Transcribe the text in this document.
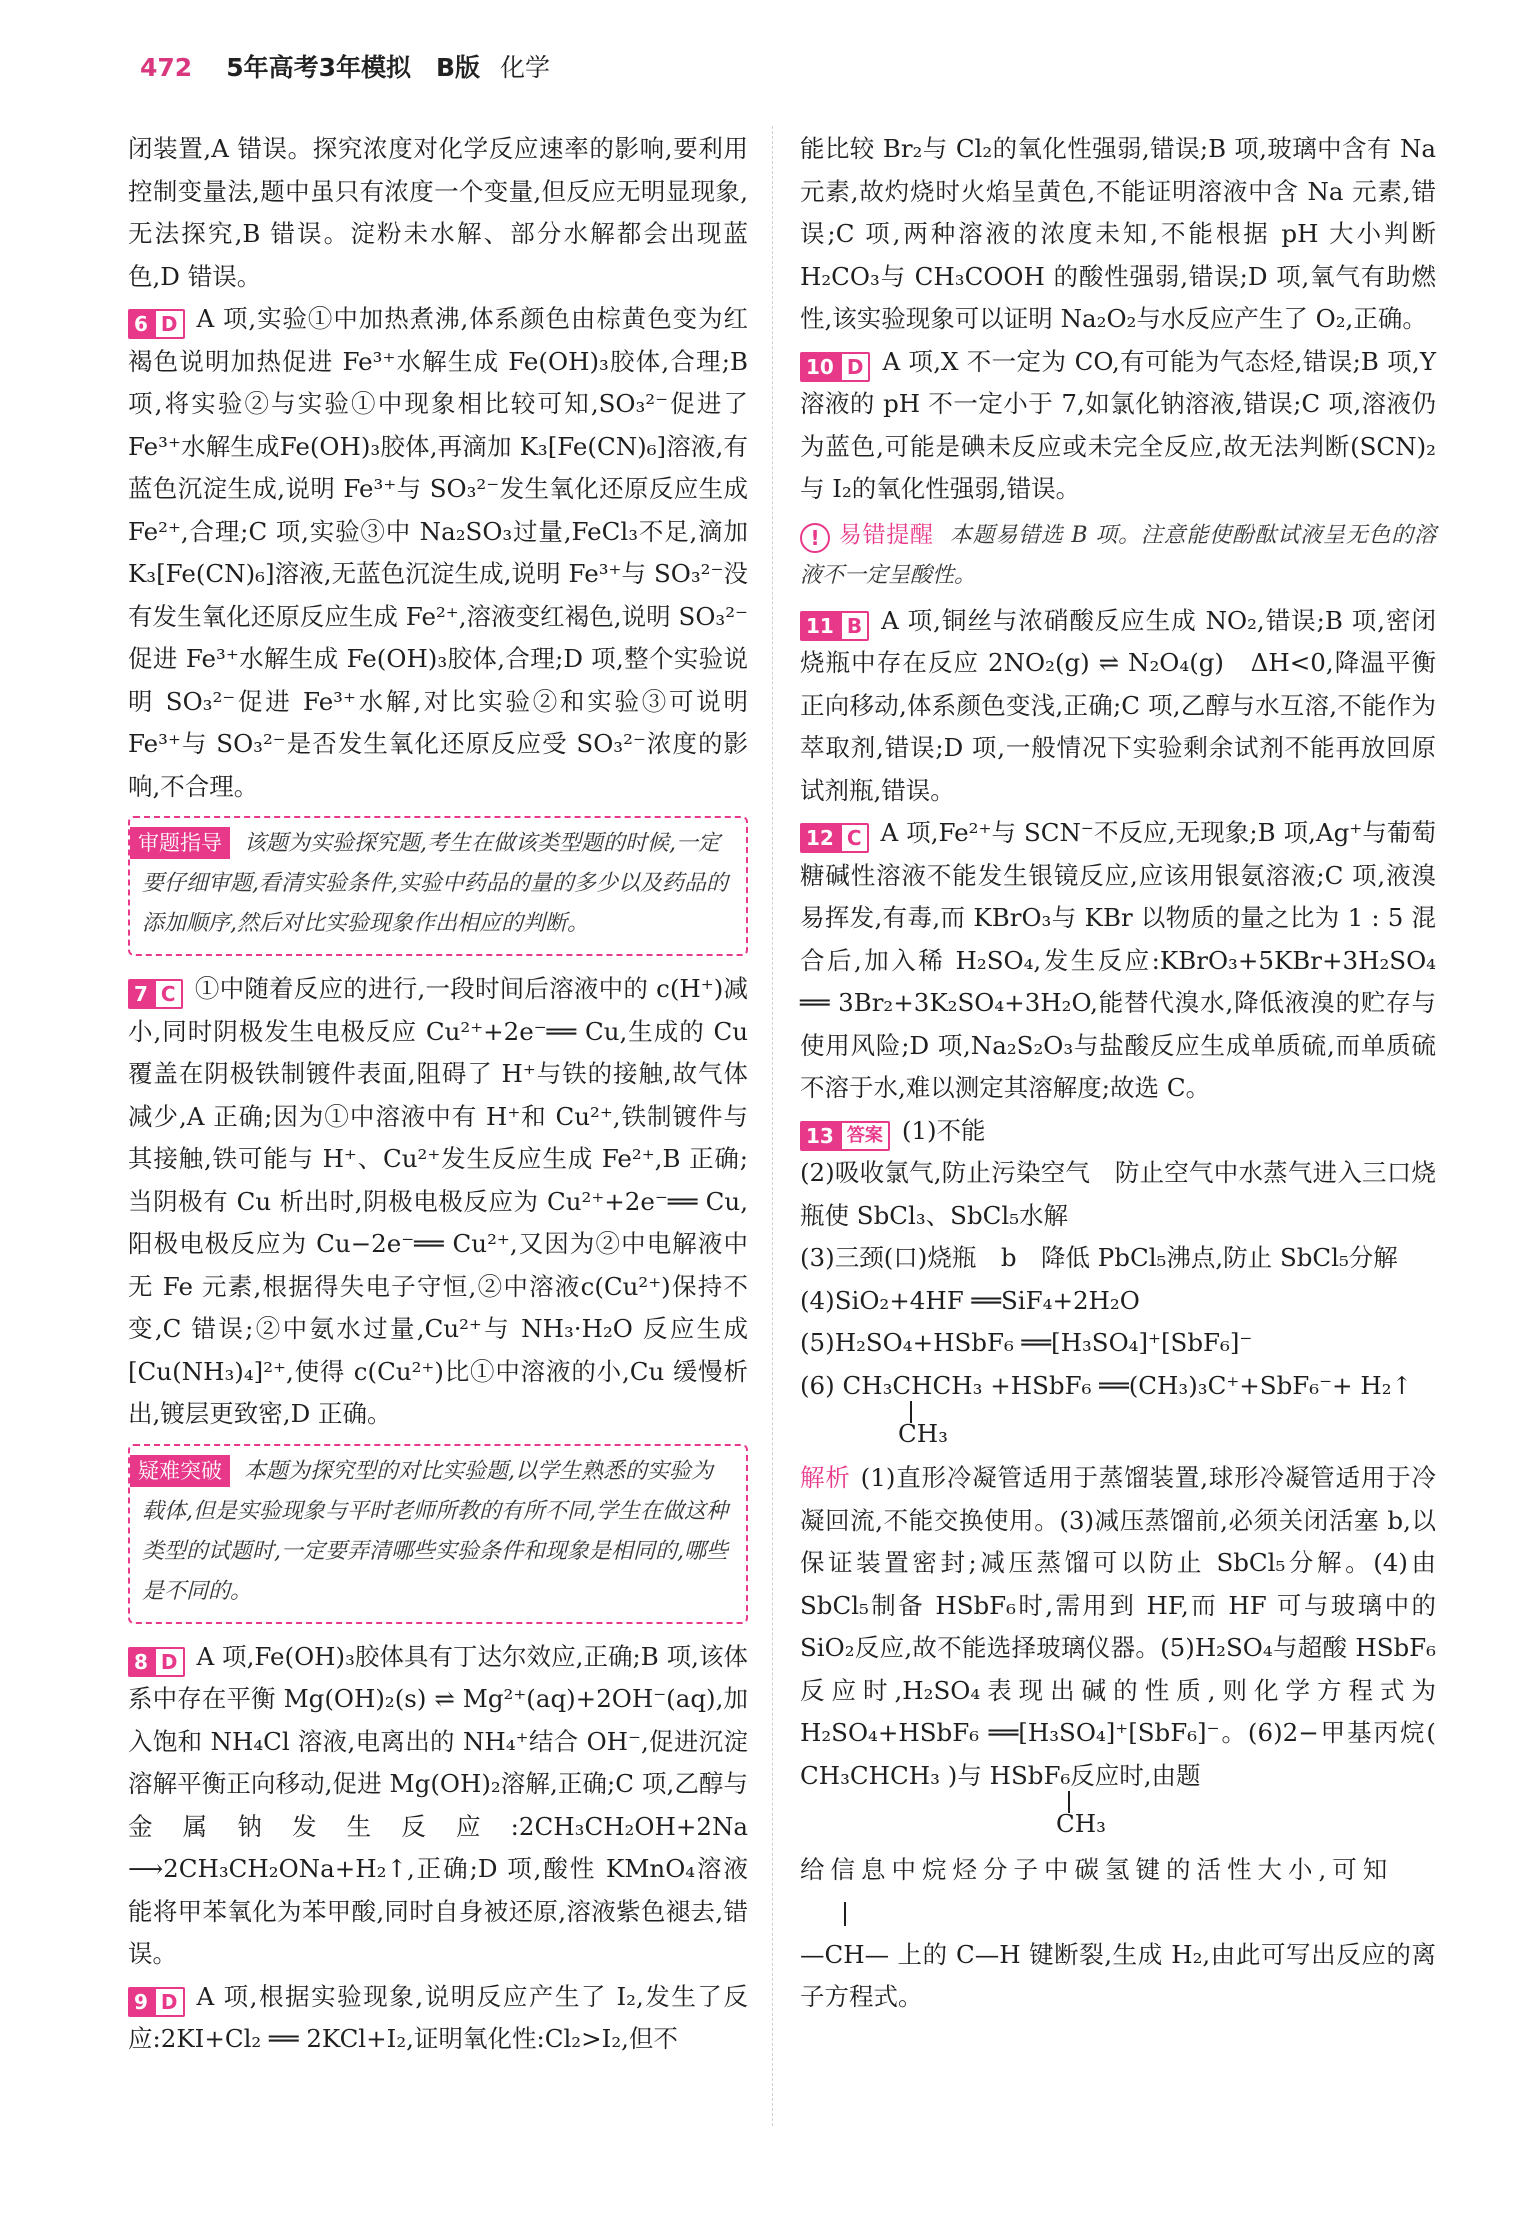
472 5年高考3年模拟　B版 化学

闭装置,A 错误。探究浓度对化学反应速率的影响,要利用控制变量法,题中虽只有浓度一个变量,但反应无明显现象,无法探究,B 错误。淀粉未水解、部分水解都会出现蓝色,D 错误。

6 D A 项,实验①中加热煮沸,体系颜色由棕黄色变为红褐色说明加热促进 Fe³⁺水解生成 Fe(OH)₃胶体,合理;B 项,将实验②与实验①中现象相比较可知,SO₃²⁻促进了 Fe³⁺水解生成Fe(OH)₃胶体,再滴加 K₃[Fe(CN)₆]溶液,有蓝色沉淀生成,说明 Fe³⁺与 SO₃²⁻发生氧化还原反应生成 Fe²⁺,合理;C 项,实验③中 Na₂SO₃过量,FeCl₃不足,滴加K₃[Fe(CN)₆]溶液,无蓝色沉淀生成,说明 Fe³⁺与 SO₃²⁻没有发生氧化还原反应生成 Fe²⁺,溶液变红褐色,说明 SO₃²⁻促进 Fe³⁺水解生成 Fe(OH)₃胶体,合理;D 项,整个实验说明 SO₃²⁻促进 Fe³⁺水解,对比实验②和实验③可说明 Fe³⁺与 SO₃²⁻是否发生氧化还原反应受 SO₃²⁻浓度的影响,不合理。

审题指导 该题为实验探究题,考生在做该类型题的时候,一定要仔细审题,看清实验条件,实验中药品的量的多少以及药品的添加顺序,然后对比实验现象作出相应的判断。

7 C ①中随着反应的进行,一段时间后溶液中的 c(H⁺)减小,同时阴极发生电极反应 Cu²⁺+2e⁻══ Cu,生成的 Cu 覆盖在阴极铁制镀件表面,阻碍了 H⁺与铁的接触,故气体减少,A 正确;因为①中溶液中有 H⁺和 Cu²⁺,铁制镀件与其接触,铁可能与 H⁺、Cu²⁺发生反应生成 Fe²⁺,B 正确;当阴极有 Cu 析出时,阴极电极反应为 Cu²⁺+2e⁻══ Cu,阳极电极反应为 Cu−2e⁻══ Cu²⁺,又因为②中电解液中无 Fe 元素,根据得失电子守恒,②中溶液c(Cu²⁺)保持不变,C 错误;②中氨水过量,Cu²⁺与 NH₃·H₂O 反应生成[Cu(NH₃)₄]²⁺,使得 c(Cu²⁺)比①中溶液的小,Cu 缓慢析出,镀层更致密,D 正确。

疑难突破 本题为探究型的对比实验题,以学生熟悉的实验为载体,但是实验现象与平时老师所教的有所不同,学生在做这种类型的试题时,一定要弄清哪些实验条件和现象是相同的,哪些是不同的。

8 D A 项,Fe(OH)₃胶体具有丁达尔效应,正确;B 项,该体系中存在平衡 Mg(OH)₂(s) ⇌ Mg²⁺(aq)+2OH⁻(aq),加入饱和 NH₄Cl 溶液,电离出的 NH₄⁺结合 OH⁻,促进沉淀溶解平衡正向移动,促进 Mg(OH)₂溶解,正确;C 项,乙醇与金属钠发生反应:2CH₃CH₂OH+2Na ⟶2CH₃CH₂ONa+H₂↑,正确;D 项,酸性 KMnO₄溶液能将甲苯氧化为苯甲酸,同时自身被还原,溶液紫色褪去,错误。

9 D A 项,根据实验现象,说明反应产生了 I₂,发生了反应:2KI+Cl₂ ══ 2KCl+I₂,证明氧化性:Cl₂>I₂,但不

能比较 Br₂与 Cl₂的氧化性强弱,错误;B 项,玻璃中含有 Na 元素,故灼烧时火焰呈黄色,不能证明溶液中含 Na 元素,错误;C 项,两种溶液的浓度未知,不能根据 pH 大小判断 H₂CO₃与 CH₃COOH 的酸性强弱,错误;D 项,氧气有助燃性,该实验现象可以证明 Na₂O₂与水反应产生了 O₂,正确。

10 D A 项,X 不一定为 CO,有可能为气态烃,错误;B 项,Y 溶液的 pH 不一定小于 7,如氯化钠溶液,错误;C 项,溶液仍为蓝色,可能是碘未反应或未完全反应,故无法判断(SCN)₂与 I₂的氧化性强弱,错误。

! 易错提醒 本题易错选 B 项。注意能使酚酞试液呈无色的溶液不一定呈酸性。

11 B A 项,铜丝与浓硝酸反应生成 NO₂,错误;B 项,密闭烧瓶中存在反应 2NO₂(g) ⇌ N₂O₄(g)　ΔH<0,降温平衡正向移动,体系颜色变浅,正确;C 项,乙醇与水互溶,不能作为萃取剂,错误;D 项,一般情况下实验剩余试剂不能再放回原试剂瓶,错误。

12 C A 项,Fe²⁺与 SCN⁻不反应,无现象;B 项,Ag⁺与葡萄糖碱性溶液不能发生银镜反应,应该用银氨溶液;C 项,液溴易挥发,有毒,而 KBrO₃与 KBr 以物质的量之比为 1 : 5 混合后,加入稀 H₂SO₄,发生反应:KBrO₃+5KBr+3H₂SO₄ ══ 3Br₂+3K₂SO₄+3H₂O,能替代溴水,降低液溴的贮存与使用风险;D 项,Na₂S₂O₃与盐酸反应生成单质硫,而单质硫不溶于水,难以测定其溶解度;故选 C。

13 答案 (1)不能

(2)吸收氯气,防止污染空气　防止空气中水蒸气进入三口烧瓶使 SbCl₃、SbCl₅水解

(3)三颈(口)烧瓶　b　降低 PbCl₅沸点,防止 SbCl₅分解

(4)SiO₂+4HF ══SiF₄+2H₂O

(5)H₂SO₄+HSbF₆ ══[H₃SO₄]⁺[SbF₆]⁻

(6) CH₃CHCH₃ +HSbF₆ ══(CH₃)₃C⁺+SbF₆⁻+ H₂↑

CH₃

解析 (1)直形冷凝管适用于蒸馏装置,球形冷凝管适用于冷凝回流,不能交换使用。(3)减压蒸馏前,必须关闭活塞 b,以保证装置密封;减压蒸馏可以防止 SbCl₅分解。(4)由 SbCl₅制备 HSbF₆时,需用到 HF,而 HF 可与玻璃中的 SiO₂反应,故不能选择玻璃仪器。(5)H₂SO₄与超酸 HSbF₆反应时,H₂SO₄表现出碱的性质,则化学方程式为 H₂SO₄+HSbF₆ ══[H₃SO₄]⁺[SbF₆]⁻。(6)2−甲基丙烷( CH₃CHCH₃ )与 HSbF₆反应时,由题

CH₃

给信息中烷烃分子中碳氢键的活性大小,可知

—CH— 上的 C—H 键断裂,生成 H₂,由此可写出反应的离子方程式。
